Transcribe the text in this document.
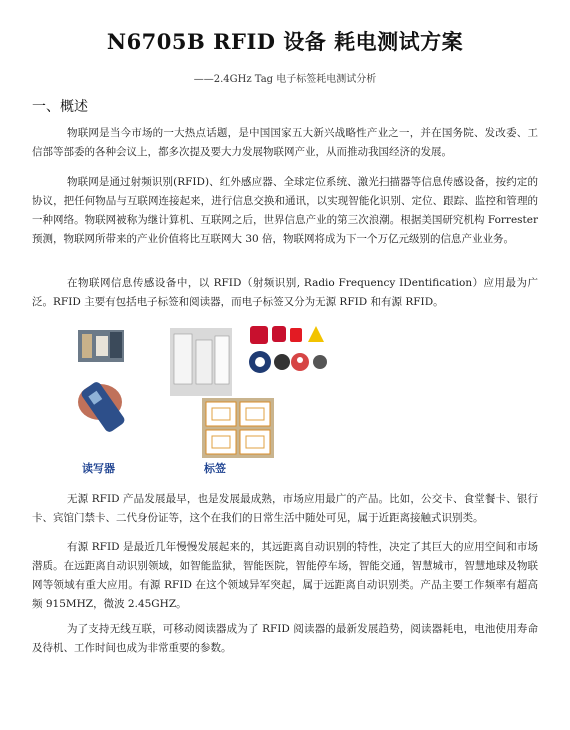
N6705B RFID 设备 耗电测试方案
——2.4GHz Tag 电子标签耗电测试分析
一、概述

物联网是当今市场的一大热点话题，是中国国家五大新兴战略性产业之一，并在国务院、发改委、工信部等部委的各种会议上，都多次提及要大力发展物联网产业，从而推动我国经济的发展。

物联网是通过射频识别(RFID)、红外感应器、全球定位系统、激光扫描器等信息传感设备，按约定的协议，把任何物品与互联网连接起来，进行信息交换和通讯，以实现智能化识别、定位、跟踪、监控和管理的一种网络。物联网被称为继计算机、互联网之后，世界信息产业的第三次浪潮。根据美国研究机构 Forrester 预测，物联网所带来的产业价值将比互联网大 30 倍，物联网将成为下一个万亿元级别的信息产业业务。

在物联网信息传感设备中，以 RFID（射频识别, Radio Frequency IDentification）应用最为广泛。RFID 主要有包括电子标签和阅读器，而电子标签又分为无源 RFID 和有源 RFID。

读写器	标签

无源 RFID 产品发展最早，也是发展最成熟，市场应用最广的产品。比如，公交卡、食堂餐卡、银行卡、宾馆门禁卡、二代身份证等，这个在我们的日常生活中随处可见，属于近距离接触式识别类。

有源 RFID 是最近几年慢慢发展起来的，其远距离自动识别的特性，决定了其巨大的应用空间和市场潜质。在远距离自动识别领域，如智能监狱，智能医院，智能停车场，智能交通，智慧城市，智慧地球及物联网等领域有重大应用。有源 RFID 在这个领域异军突起，属于远距离自动识别类。产品主要工作频率有超高频 915MHZ，微波 2.45GHZ。

为了支持无线互联，可移动阅读器成为了 RFID 阅读器的最新发展趋势，阅读器耗电，电池使用寿命及待机、工作时间也成为非常重要的参数。
